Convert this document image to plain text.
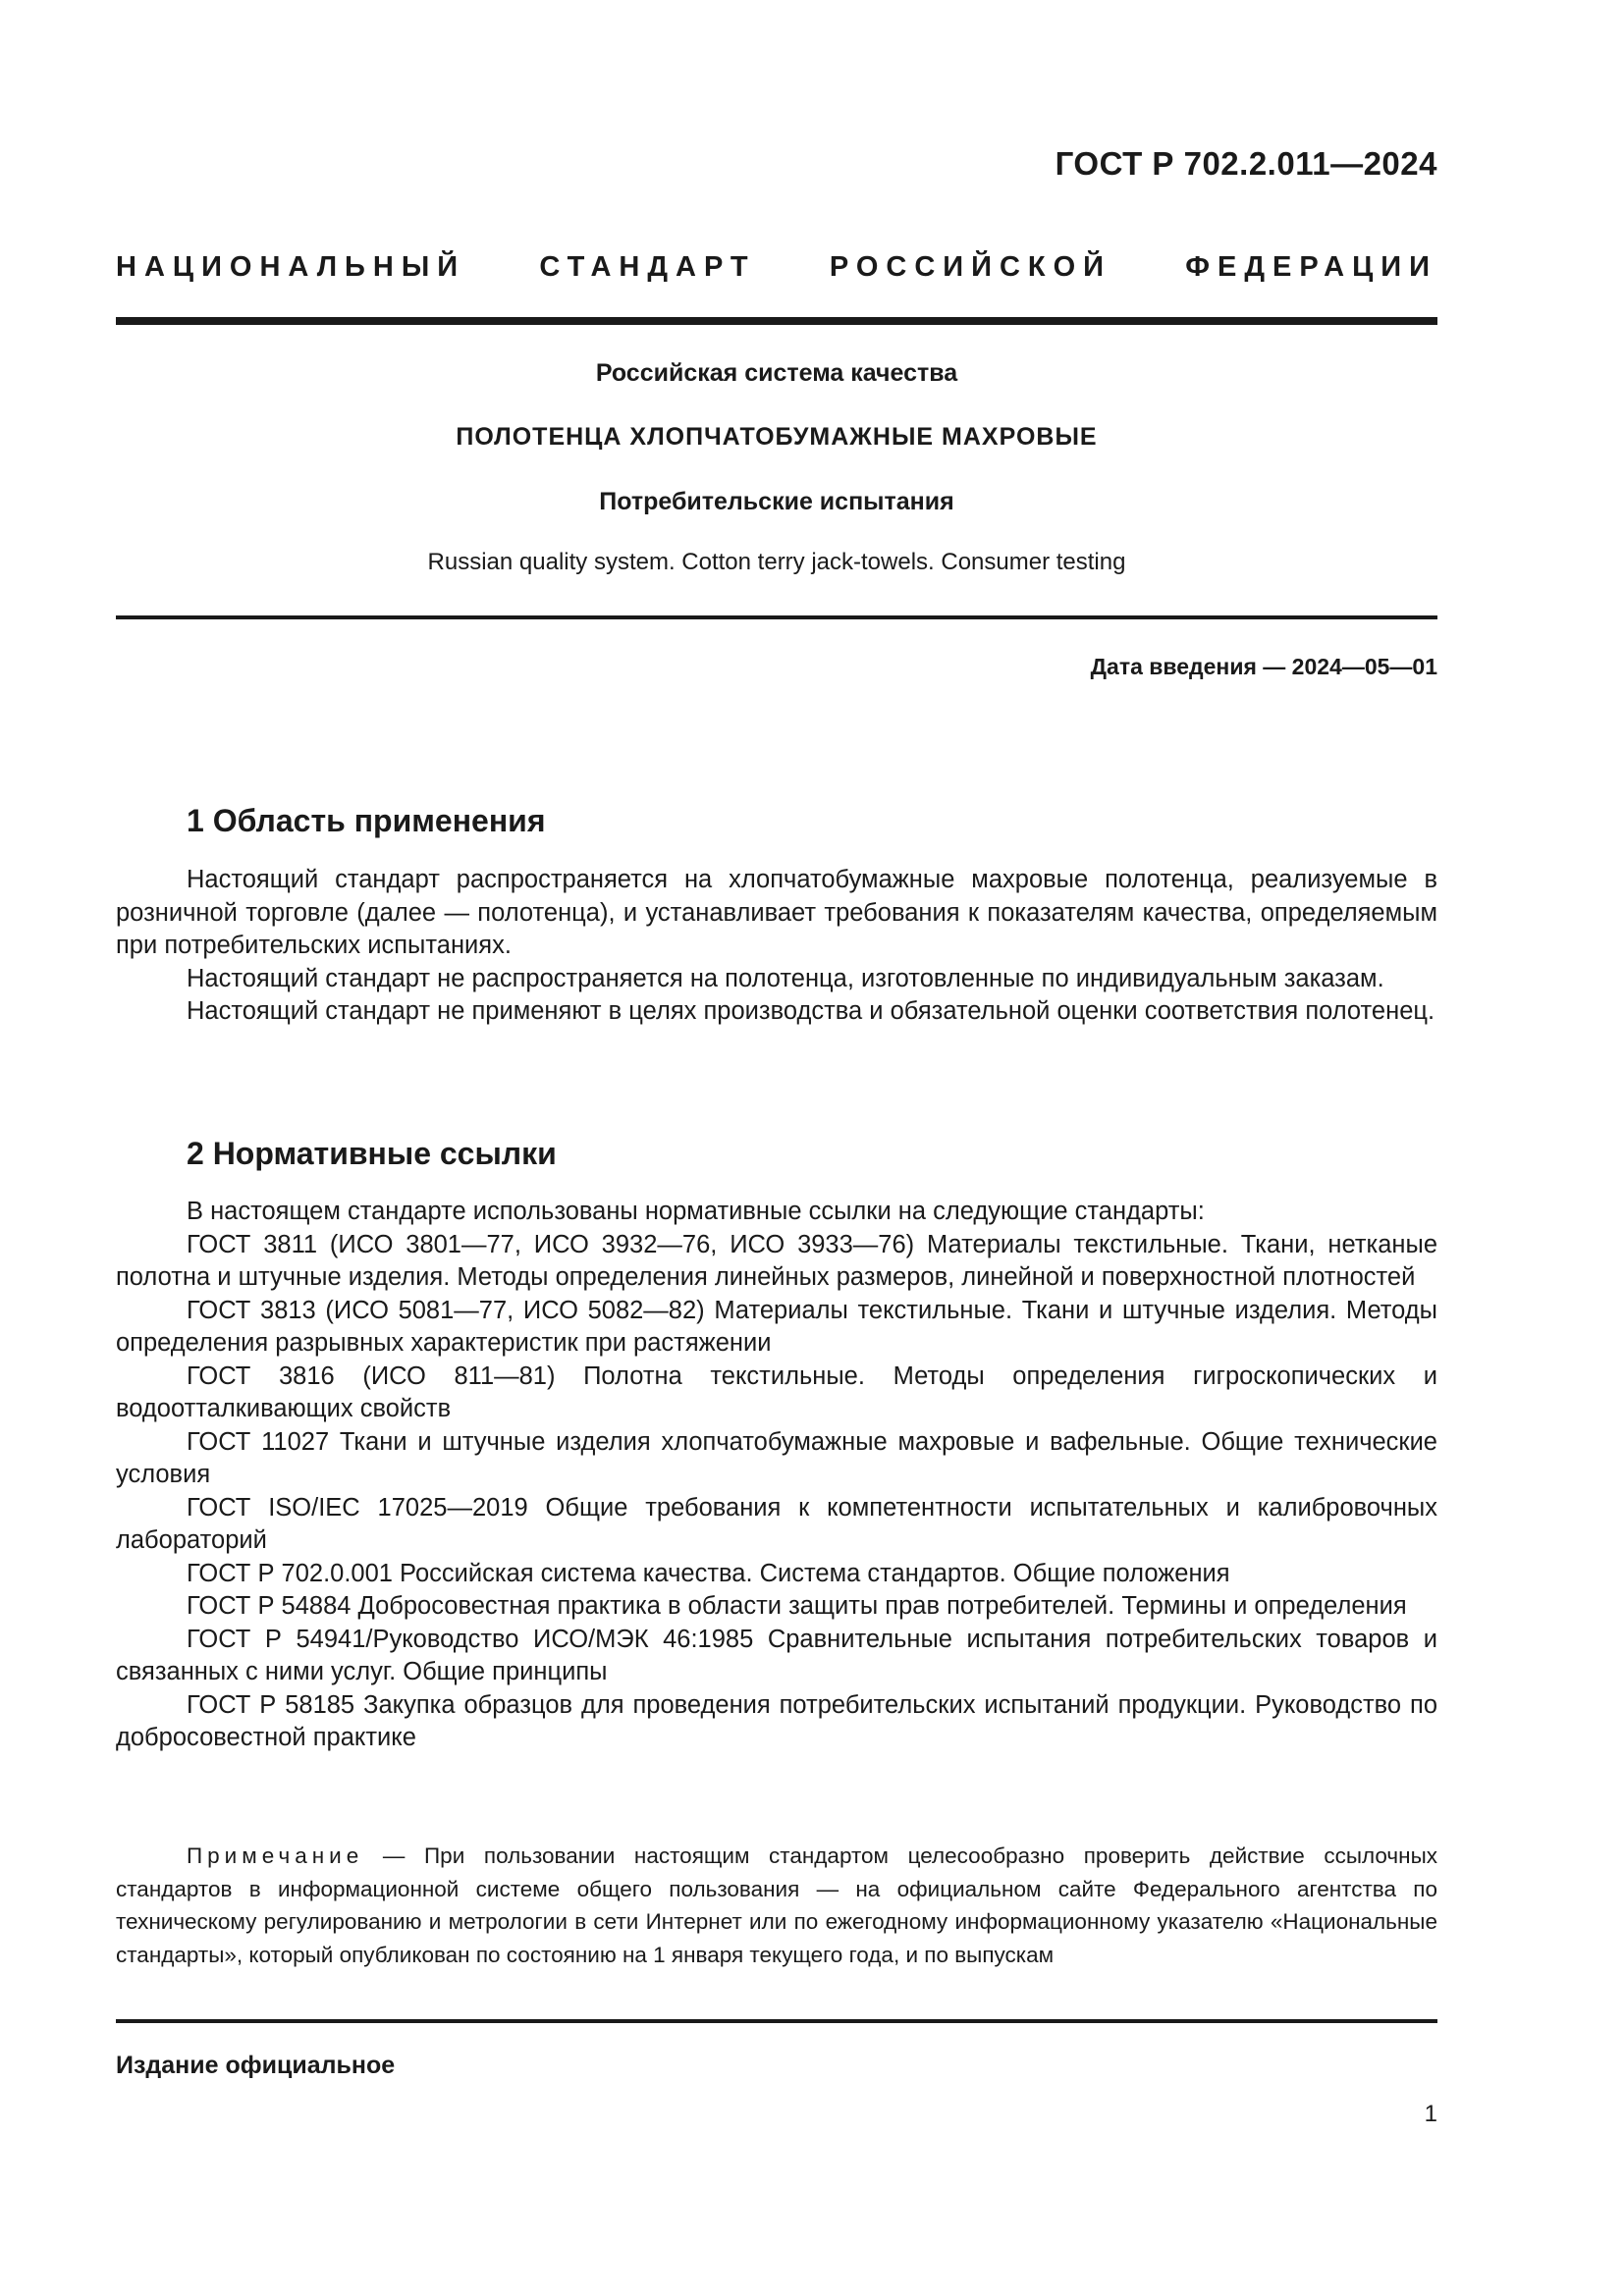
ГОСТ Р 702.2.011—2024
НАЦИОНАЛЬНЫЙ СТАНДАРТ РОССИЙСКОЙ ФЕДЕРАЦИИ
Российская система качества
ПОЛОТЕНЦА ХЛОПЧАТОБУМАЖНЫЕ МАХРОВЫЕ
Потребительские испытания
Russian quality system. Cotton terry jack-towels. Consumer testing
Дата введения — 2024—05—01
1 Область применения

Настоящий стандарт распространяется на хлопчатобумажные махровые полотенца, реализуемые в розничной торговле (далее — полотенца), и устанавливает требования к показателям качества, определяемым при потребительских испытаниях.

Настоящий стандарт не распространяется на полотенца, изготовленные по индивидуальным заказам.

Настоящий стандарт не применяют в целях производства и обязательной оценки соответствия полотенец.

2 Нормативные ссылки

В настоящем стандарте использованы нормативные ссылки на следующие стандарты:

ГОСТ 3811 (ИСО 3801—77, ИСО 3932—76, ИСО 3933—76) Материалы текстильные. Ткани, нетканые полотна и штучные изделия. Методы определения линейных размеров, линейной и поверхностной плотностей

ГОСТ 3813 (ИСО 5081—77, ИСО 5082—82) Материалы текстильные. Ткани и штучные изделия. Методы определения разрывных характеристик при растяжении

ГОСТ 3816 (ИСО 811—81) Полотна текстильные. Методы определения гигроскопических и водоотталкивающих свойств

ГОСТ 11027 Ткани и штучные изделия хлопчатобумажные махровые и вафельные. Общие технические условия

ГОСТ ISO/IEC 17025—2019 Общие требования к компетентности испытательных и калибровочных лабораторий

ГОСТ Р 702.0.001 Российская система качества. Система стандартов. Общие положения

ГОСТ Р 54884 Добросовестная практика в области защиты прав потребителей. Термины и определения

ГОСТ Р 54941/Руководство ИСО/МЭК 46:1985 Сравнительные испытания потребительских товаров и связанных с ними услуг. Общие принципы

ГОСТ Р 58185 Закупка образцов для проведения потребительских испытаний продукции. Руководство по добросовестной практике

Примечание — При пользовании настоящим стандартом целесообразно проверить действие ссылочных стандартов в информационной системе общего пользования — на официальном сайте Федерального агентства по техническому регулированию и метрологии в сети Интернет или по ежегодному информационному указателю «Национальные стандарты», который опубликован по состоянию на 1 января текущего года, и по выпускам

Издание официальное
1
